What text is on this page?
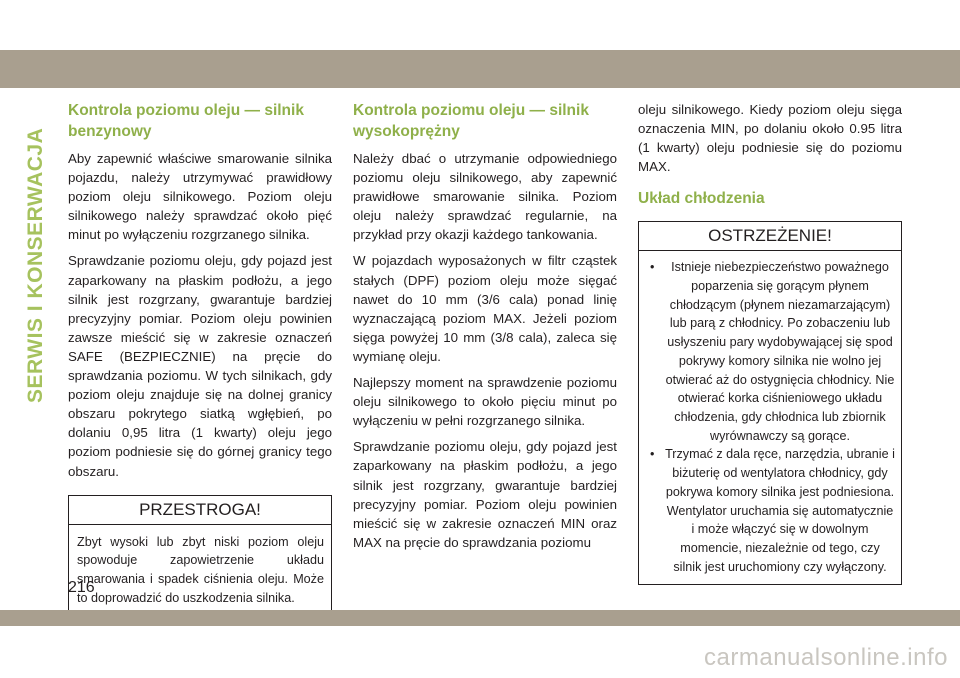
SERWIS I KONSERWACJA
Kontrola poziomu oleju — silnik benzynowy

Aby zapewnić właściwe smarowanie silnika pojazdu, należy utrzymywać prawidłowy poziom oleju silnikowego. Poziom oleju silnikowego należy sprawdzać około pięć minut po wyłączeniu rozgrzanego silnika.

Sprawdzanie poziomu oleju, gdy pojazd jest zaparkowany na płaskim podłożu, a jego silnik jest rozgrzany, gwarantuje bardziej precyzyjny pomiar. Poziom oleju powinien zawsze mieścić się w zakresie oznaczeń SAFE (BEZPIECZNIE) na pręcie do sprawdzania poziomu. W tych silnikach, gdy poziom oleju znajduje się na dolnej granicy obszaru pokrytego siatką wgłębień, po dolaniu 0,95 litra (1 kwarty) oleju jego poziom podniesie się do górnej granicy tego obszaru.

PRZESTROGA!
Zbyt wysoki lub zbyt niski poziom oleju spowoduje zapowietrzenie układu smarowania i spadek ciśnienia oleju. Może to doprowadzić do uszkodzenia silnika.
Kontrola poziomu oleju — silnik wysokoprężny

Należy dbać o utrzymanie odpowiedniego poziomu oleju silnikowego, aby zapewnić prawidłowe smarowanie silnika. Poziom oleju należy sprawdzać regularnie, na przykład przy okazji każdego tankowania.

W pojazdach wyposażonych w filtr cząstek stałych (DPF) poziom oleju może sięgać nawet do 10 mm (3/6 cala) ponad linię wyznaczającą poziom MAX. Jeżeli poziom sięga powyżej 10 mm (3/8 cala), zaleca się wymianę oleju.

Najlepszy moment na sprawdzenie poziomu oleju silnikowego to około pięciu minut po wyłączeniu w pełni rozgrzanego silnika.

Sprawdzanie poziomu oleju, gdy pojazd jest zaparkowany na płaskim podłożu, a jego silnik jest rozgrzany, gwarantuje bardziej precyzyjny pomiar. Poziom oleju powinien mieścić się w zakresie oznaczeń MIN oraz MAX na pręcie do sprawdzania poziomu

oleju silnikowego. Kiedy poziom oleju sięga oznaczenia MIN, po dolaniu około 0.95 litra (1 kwarty) oleju podniesie się do poziomu MAX.

Układ chłodzenia
OSTRZEŻENIE!
• Istnieje niebezpieczeństwo poważnego poparzenia się gorącym płynem chłodzącym (płynem niezamarzającym) lub parą z chłodnicy. Po zobaczeniu lub usłyszeniu pary wydobywającej się spod pokrywy komory silnika nie wolno jej otwierać aż do ostygnięcia chłodnicy. Nie otwierać korka ciśnieniowego układu chłodzenia, gdy chłodnica lub zbiornik wyrównawczy są gorące.
• Trzymać z dala ręce, narzędzia, ubranie i biżuterię od wentylatora chłodnicy, gdy pokrywa komory silnika jest podniesiona. Wentylator uruchamia się automatycznie i może włączyć się w dowolnym momencie, niezależnie od tego, czy silnik jest uruchomiony czy wyłączony.
216
carmanualsonline.info
